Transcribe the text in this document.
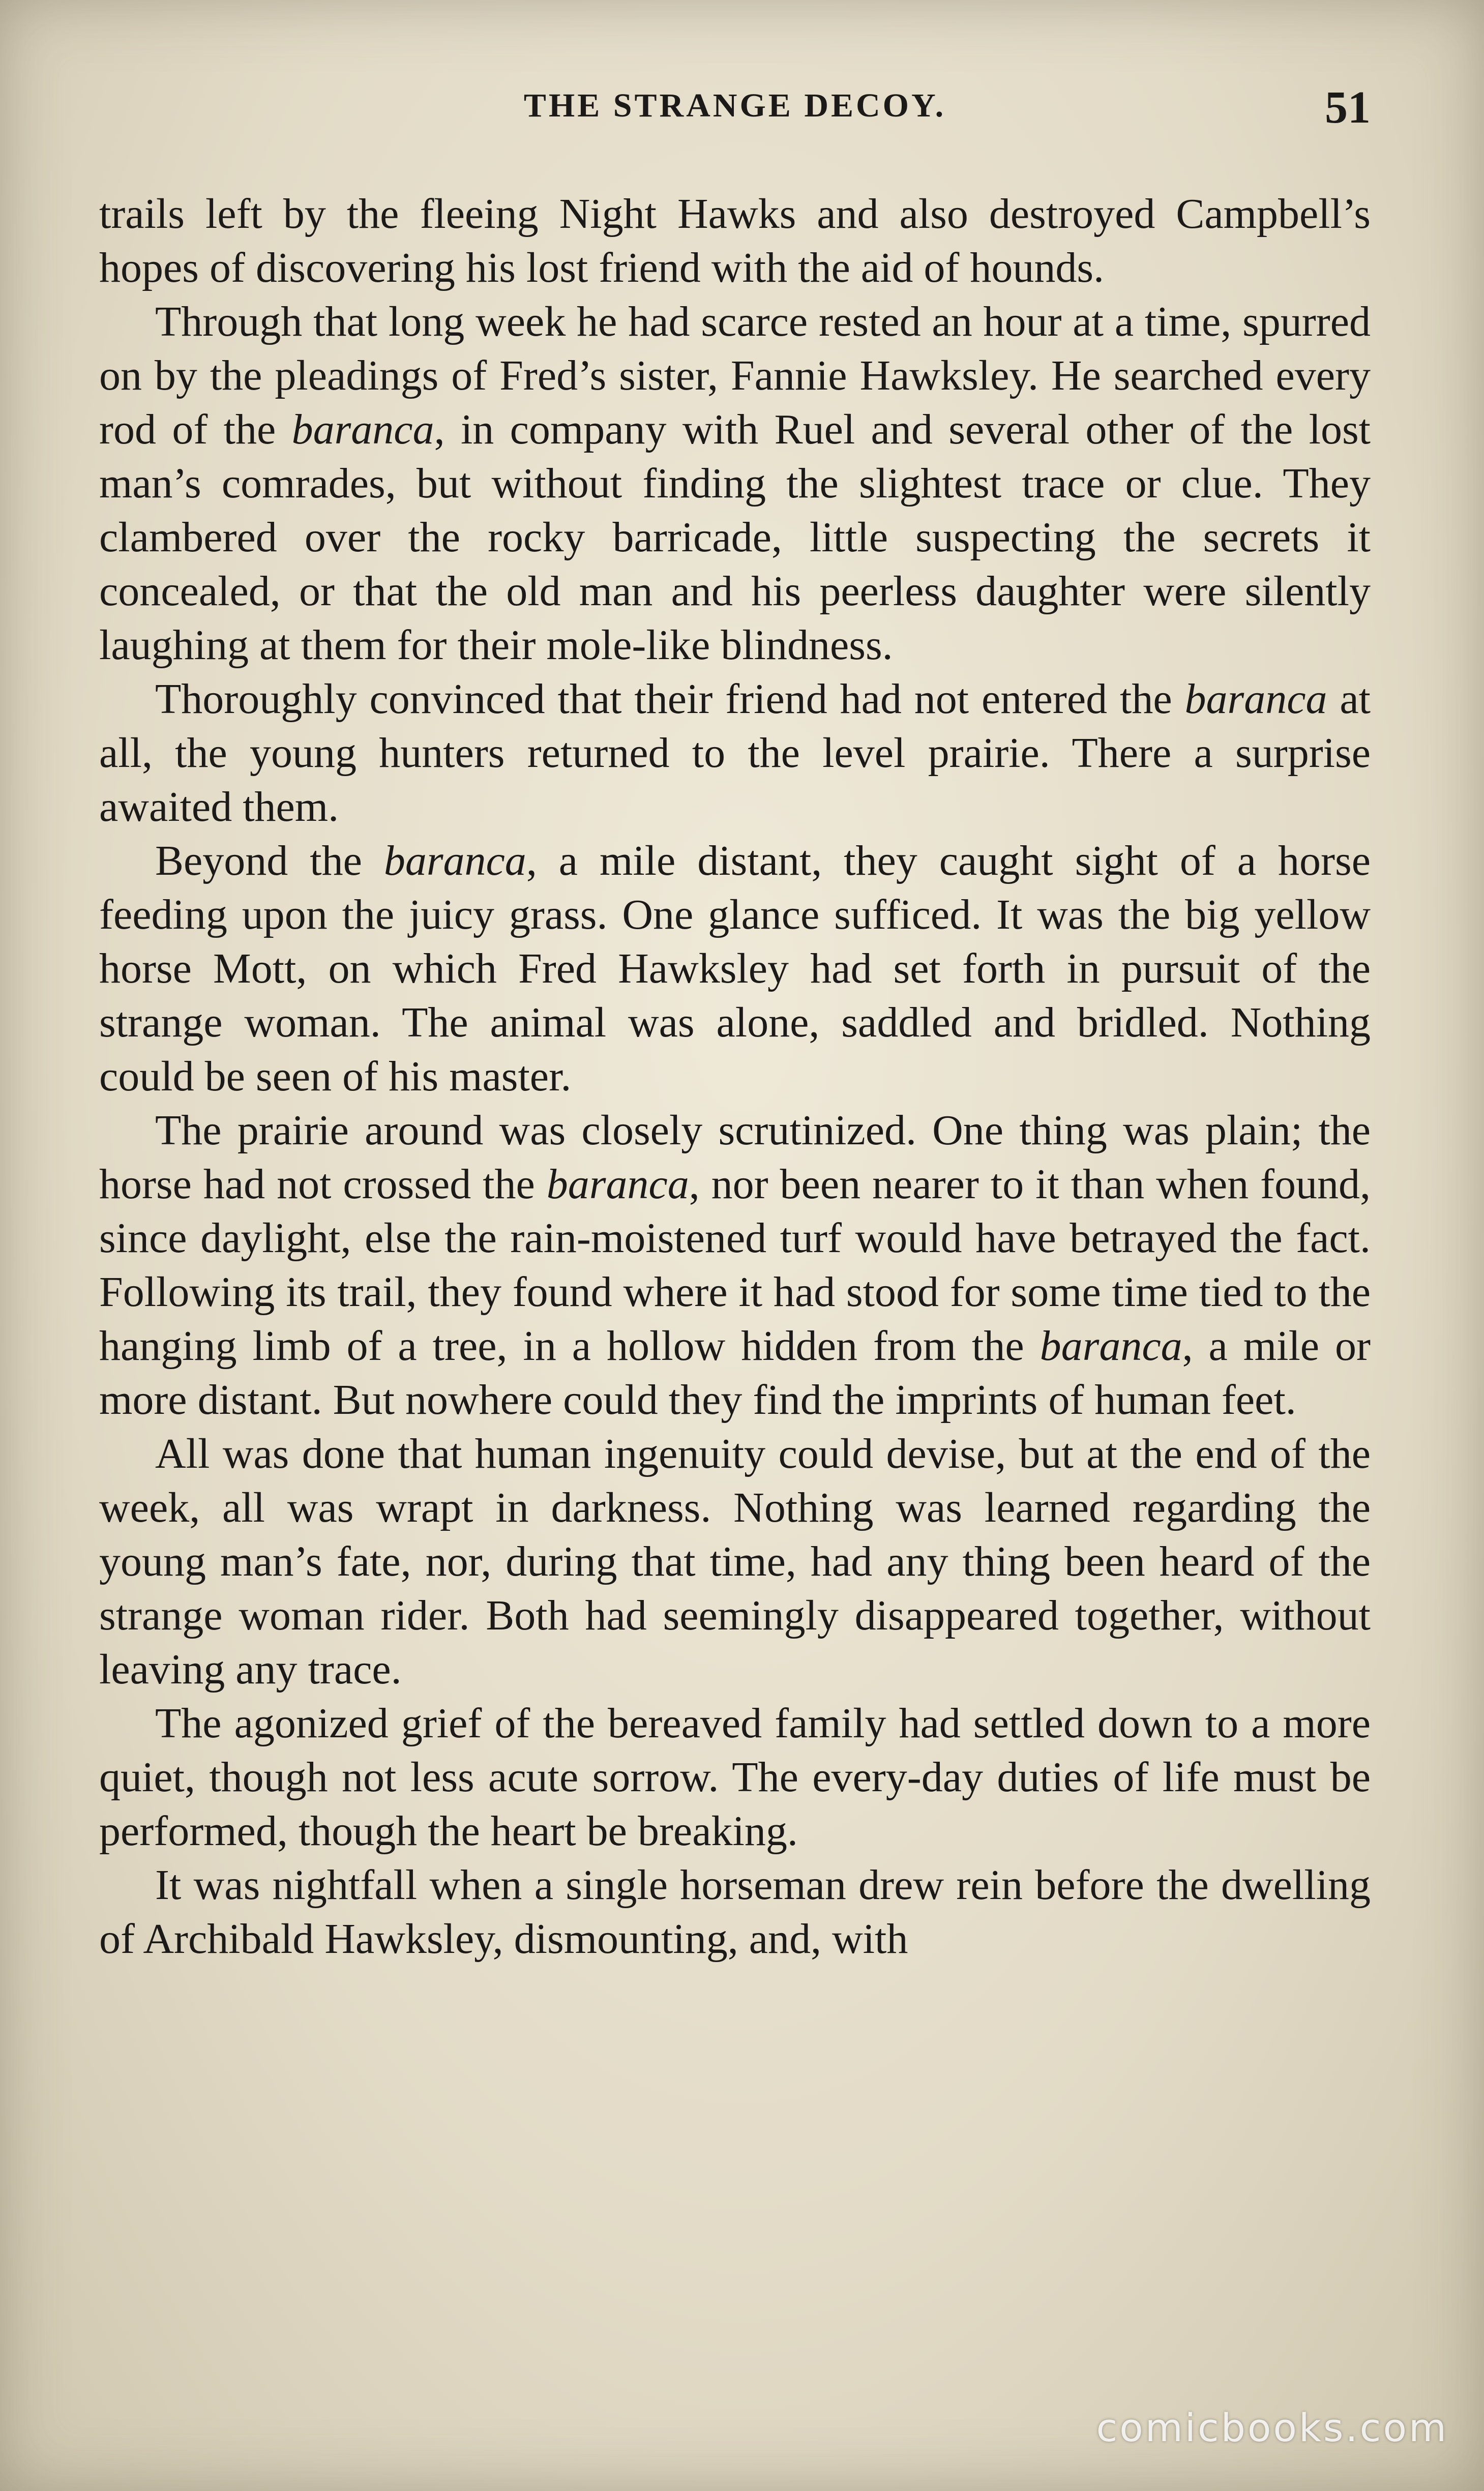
THE STRANGE DECOY.	51

trails left by the fleeing Night Hawks and also destroyed Campbell’s hopes of discovering his lost friend with the aid of hounds.

Through that long week he had scarce rested an hour at a time, spurred on by the pleadings of Fred’s sister, Fannie Hawksley. He searched every rod of the baranca, in company with Ruel and several other of the lost man’s comrades, but without finding the slightest trace or clue. They clambered over the rocky barricade, little suspecting the secrets it concealed, or that the old man and his peerless daughter were silently laughing at them for their mole-like blindness.

Thoroughly convinced that their friend had not entered the baranca at all, the young hunters returned to the level prairie. There a surprise awaited them.

Beyond the baranca, a mile distant, they caught sight of a horse feeding upon the juicy grass. One glance sufficed. It was the big yellow horse Mott, on which Fred Hawksley had set forth in pursuit of the strange woman. The animal was alone, saddled and bridled. Nothing could be seen of his master.

The prairie around was closely scrutinized. One thing was plain; the horse had not crossed the baranca, nor been nearer to it than when found, since daylight, else the rain-moistened turf would have betrayed the fact. Following its trail, they found where it had stood for some time tied to the hanging limb of a tree, in a hollow hidden from the baranca, a mile or more distant. But nowhere could they find the imprints of human feet.

All was done that human ingenuity could devise, but at the end of the week, all was wrapt in darkness. Nothing was learned regarding the young man’s fate, nor, during that time, had any thing been heard of the strange woman rider. Both had seemingly disappeared together, without leaving any trace.

The agonized grief of the bereaved family had settled down to a more quiet, though not less acute sorrow. The every-day duties of life must be performed, though the heart be breaking.

It was nightfall when a single horseman drew rein before the dwelling of Archibald Hawksley, dismounting, and, with

comicbooks.com
